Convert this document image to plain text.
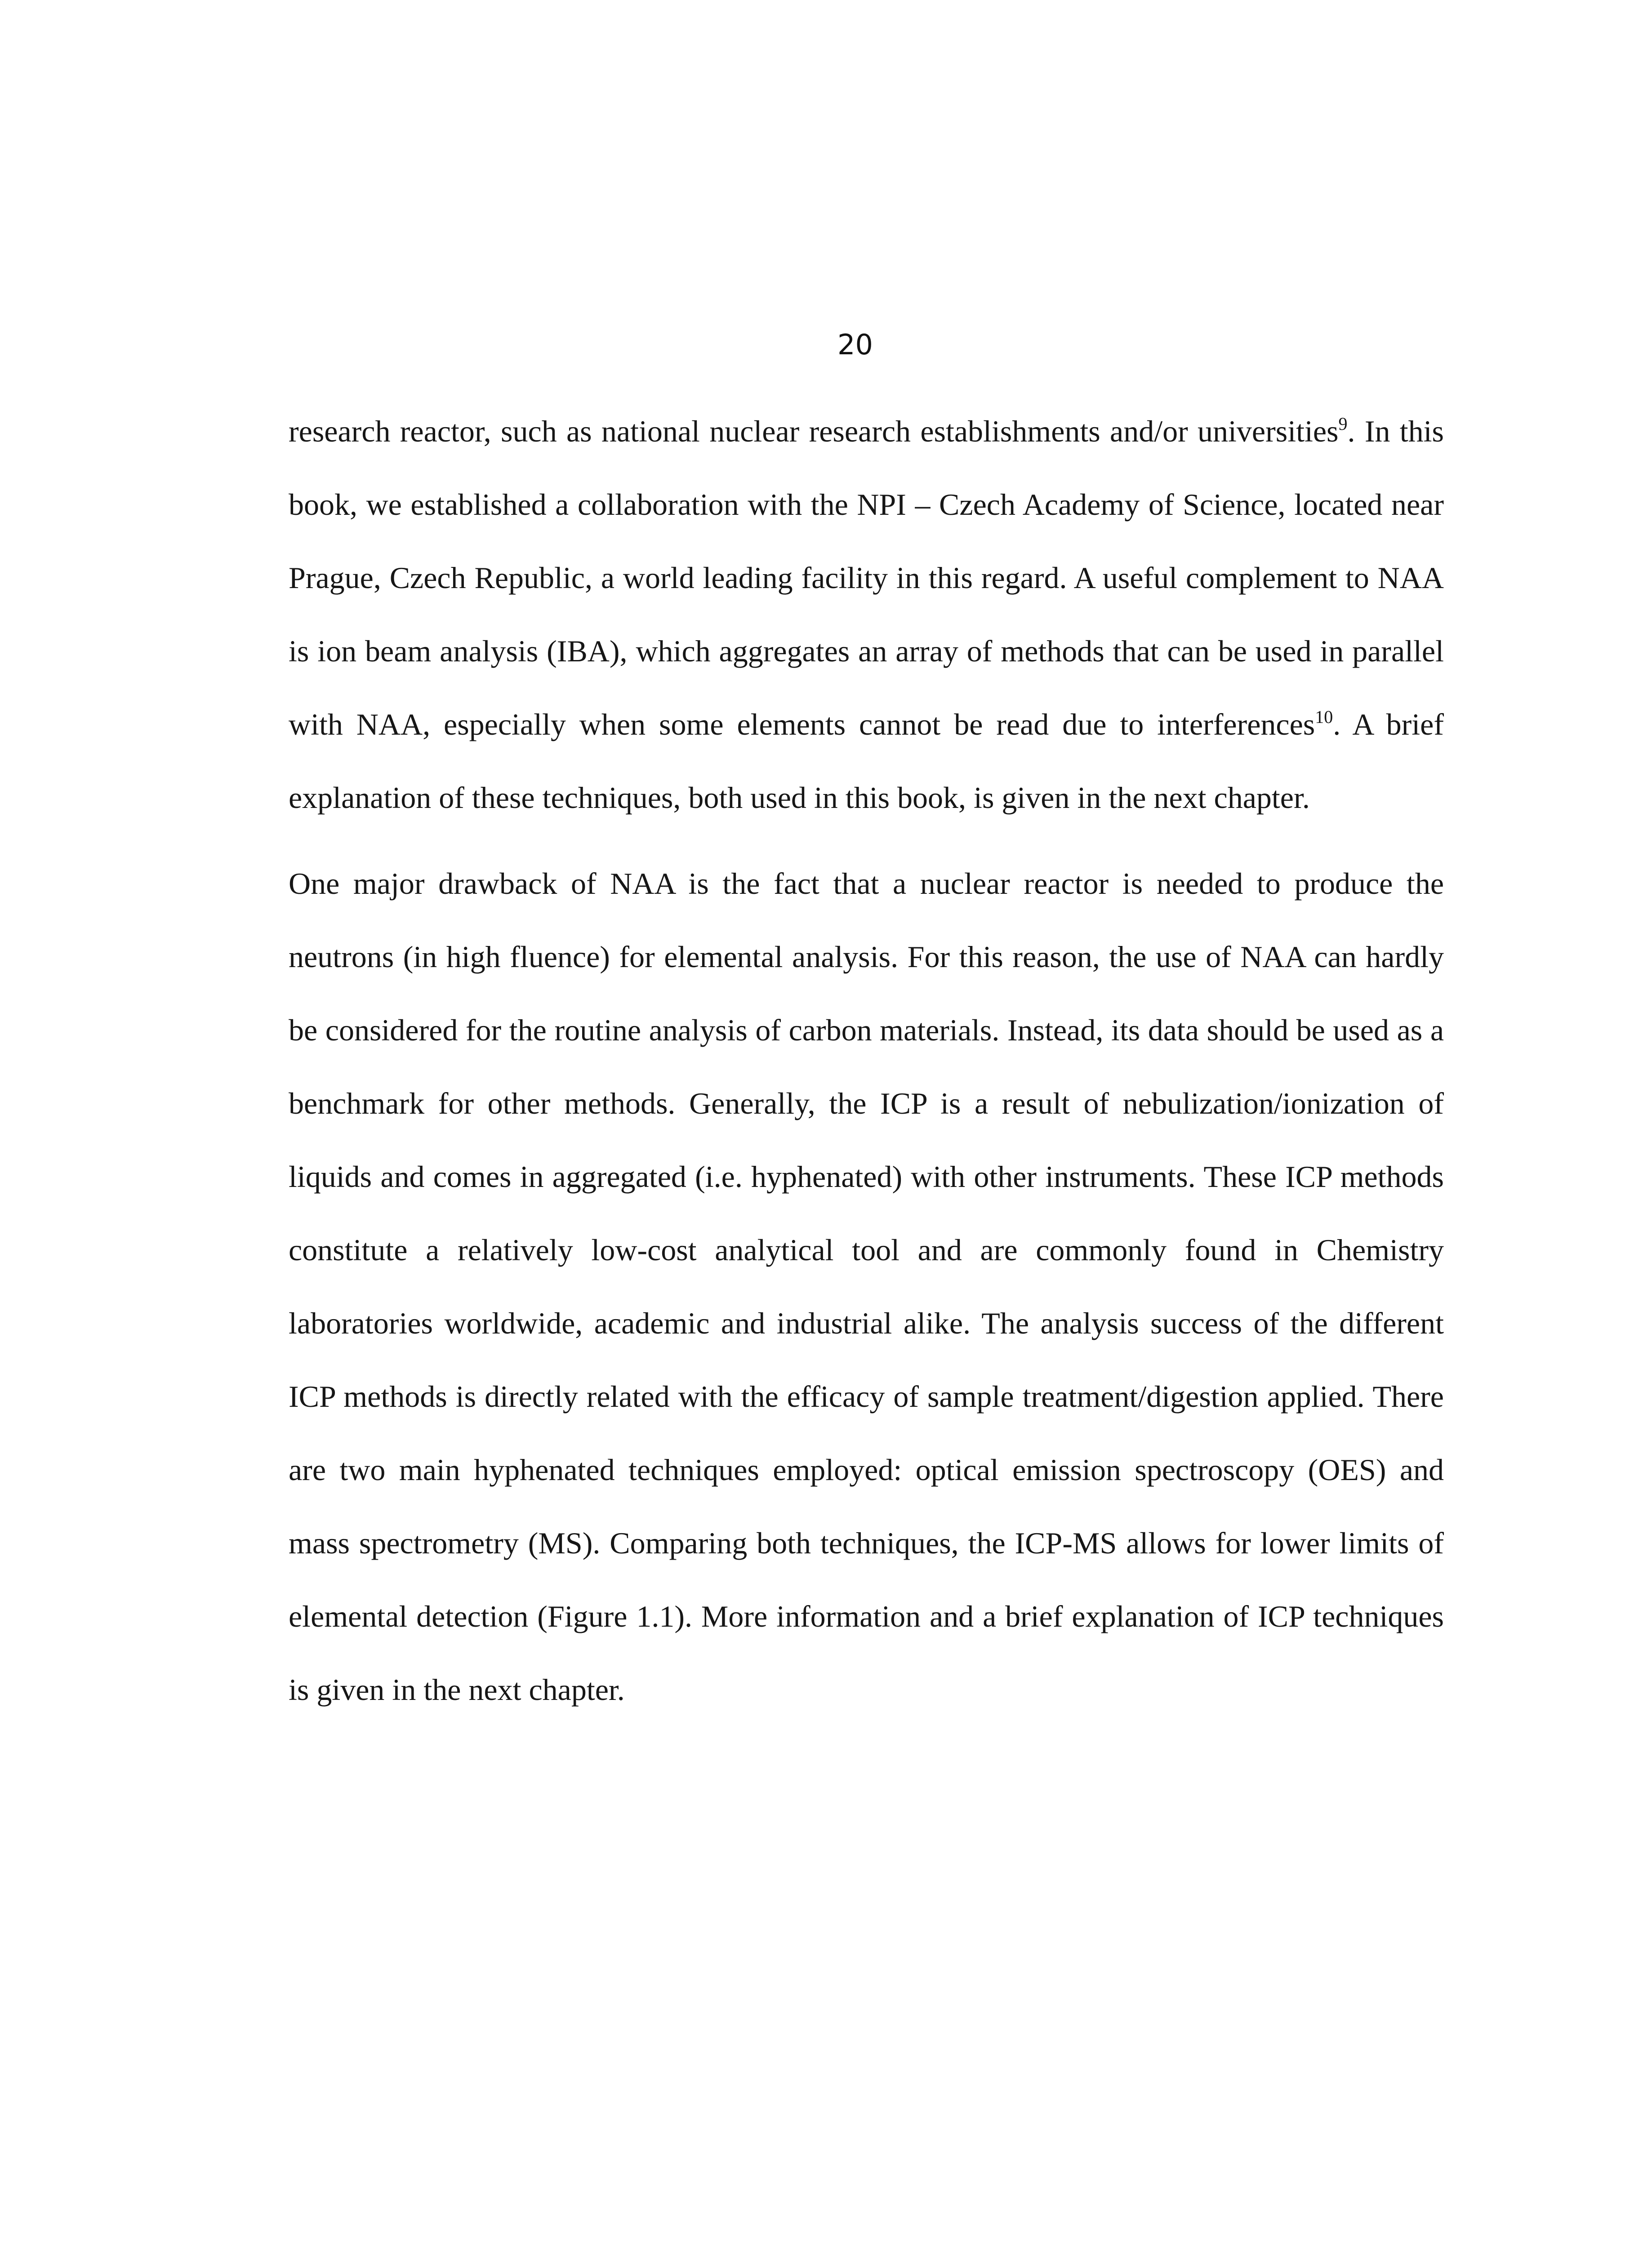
20

research reactor, such as national nuclear research establishments and/or universities$^9$. In this book, we established a collaboration with the NPI – Czech Academy of Science, located near Prague, Czech Republic, a world leading facility in this regard. A useful complement to NAA is ion beam analysis (IBA), which aggregates an array of methods that can be used in parallel with NAA, especially when some elements cannot be read due to interferences$^{10}$. A brief explanation of these techniques, both used in this book, is given in the next chapter.

One major drawback of NAA is the fact that a nuclear reactor is needed to produce the neutrons (in high fluence) for elemental analysis. For this reason, the use of NAA can hardly be considered for the routine analysis of carbon materials. Instead, its data should be used as a benchmark for other methods. Generally, the ICP is a result of nebulization/ionization of liquids and comes in aggregated (i.e. hyphenated) with other instruments. These ICP methods constitute a relatively low-cost analytical tool and are commonly found in Chemistry laboratories worldwide, academic and industrial alike. The analysis success of the different ICP methods is directly related with the efficacy of sample treatment/digestion applied. There are two main hyphenated techniques employed: optical emission spectroscopy (OES) and mass spectrometry (MS). Comparing both techniques, the ICP-MS allows for lower limits of elemental detection (Figure 1.1). More information and a brief explanation of ICP techniques is given in the next chapter.
